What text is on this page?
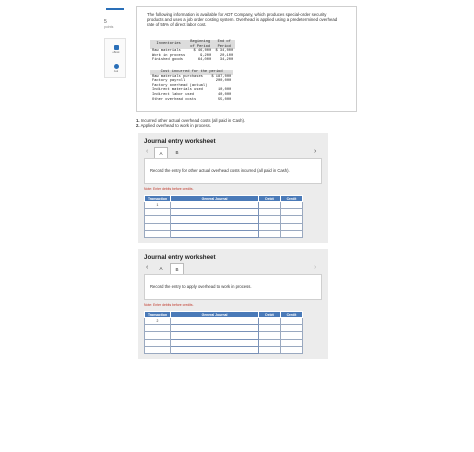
5
points
eBook
Ask
The following information is available for ADT Company, which produces special-order security products and uses a job order costing system. Overhead is applied using a predetermined overhead rate of 55% of direct labor cost.
Inventories	Beginning of Period	End of Period
Raw materials	$ 46,000	$ 34,000
Work in process	9,200	20,100
Finished goods	64,000	34,200
Cost incurred for the period	
Raw materials purchases	$ 187,000
Factory payroll	200,000
Factory overhead (actual)	
Indirect materials used	10,000
Indirect labor used	40,000
Other overhead costs	55,000
1. Incurred other actual overhead costs (all paid in Cash).
2. Applied overhead to work in process.
Journal entry worksheet
‹	A	B	›
Record the entry for other actual overhead costs incurred (all paid in Cash).
Note: Enter debits before credits.
Transaction	General Journal	Debit	Credit
1			

Journal entry worksheet
‹	A	B	›
Record the entry to apply overhead to work in process.
Note: Enter debits before credits.
Transaction	General Journal	Debit	Credit
2			
